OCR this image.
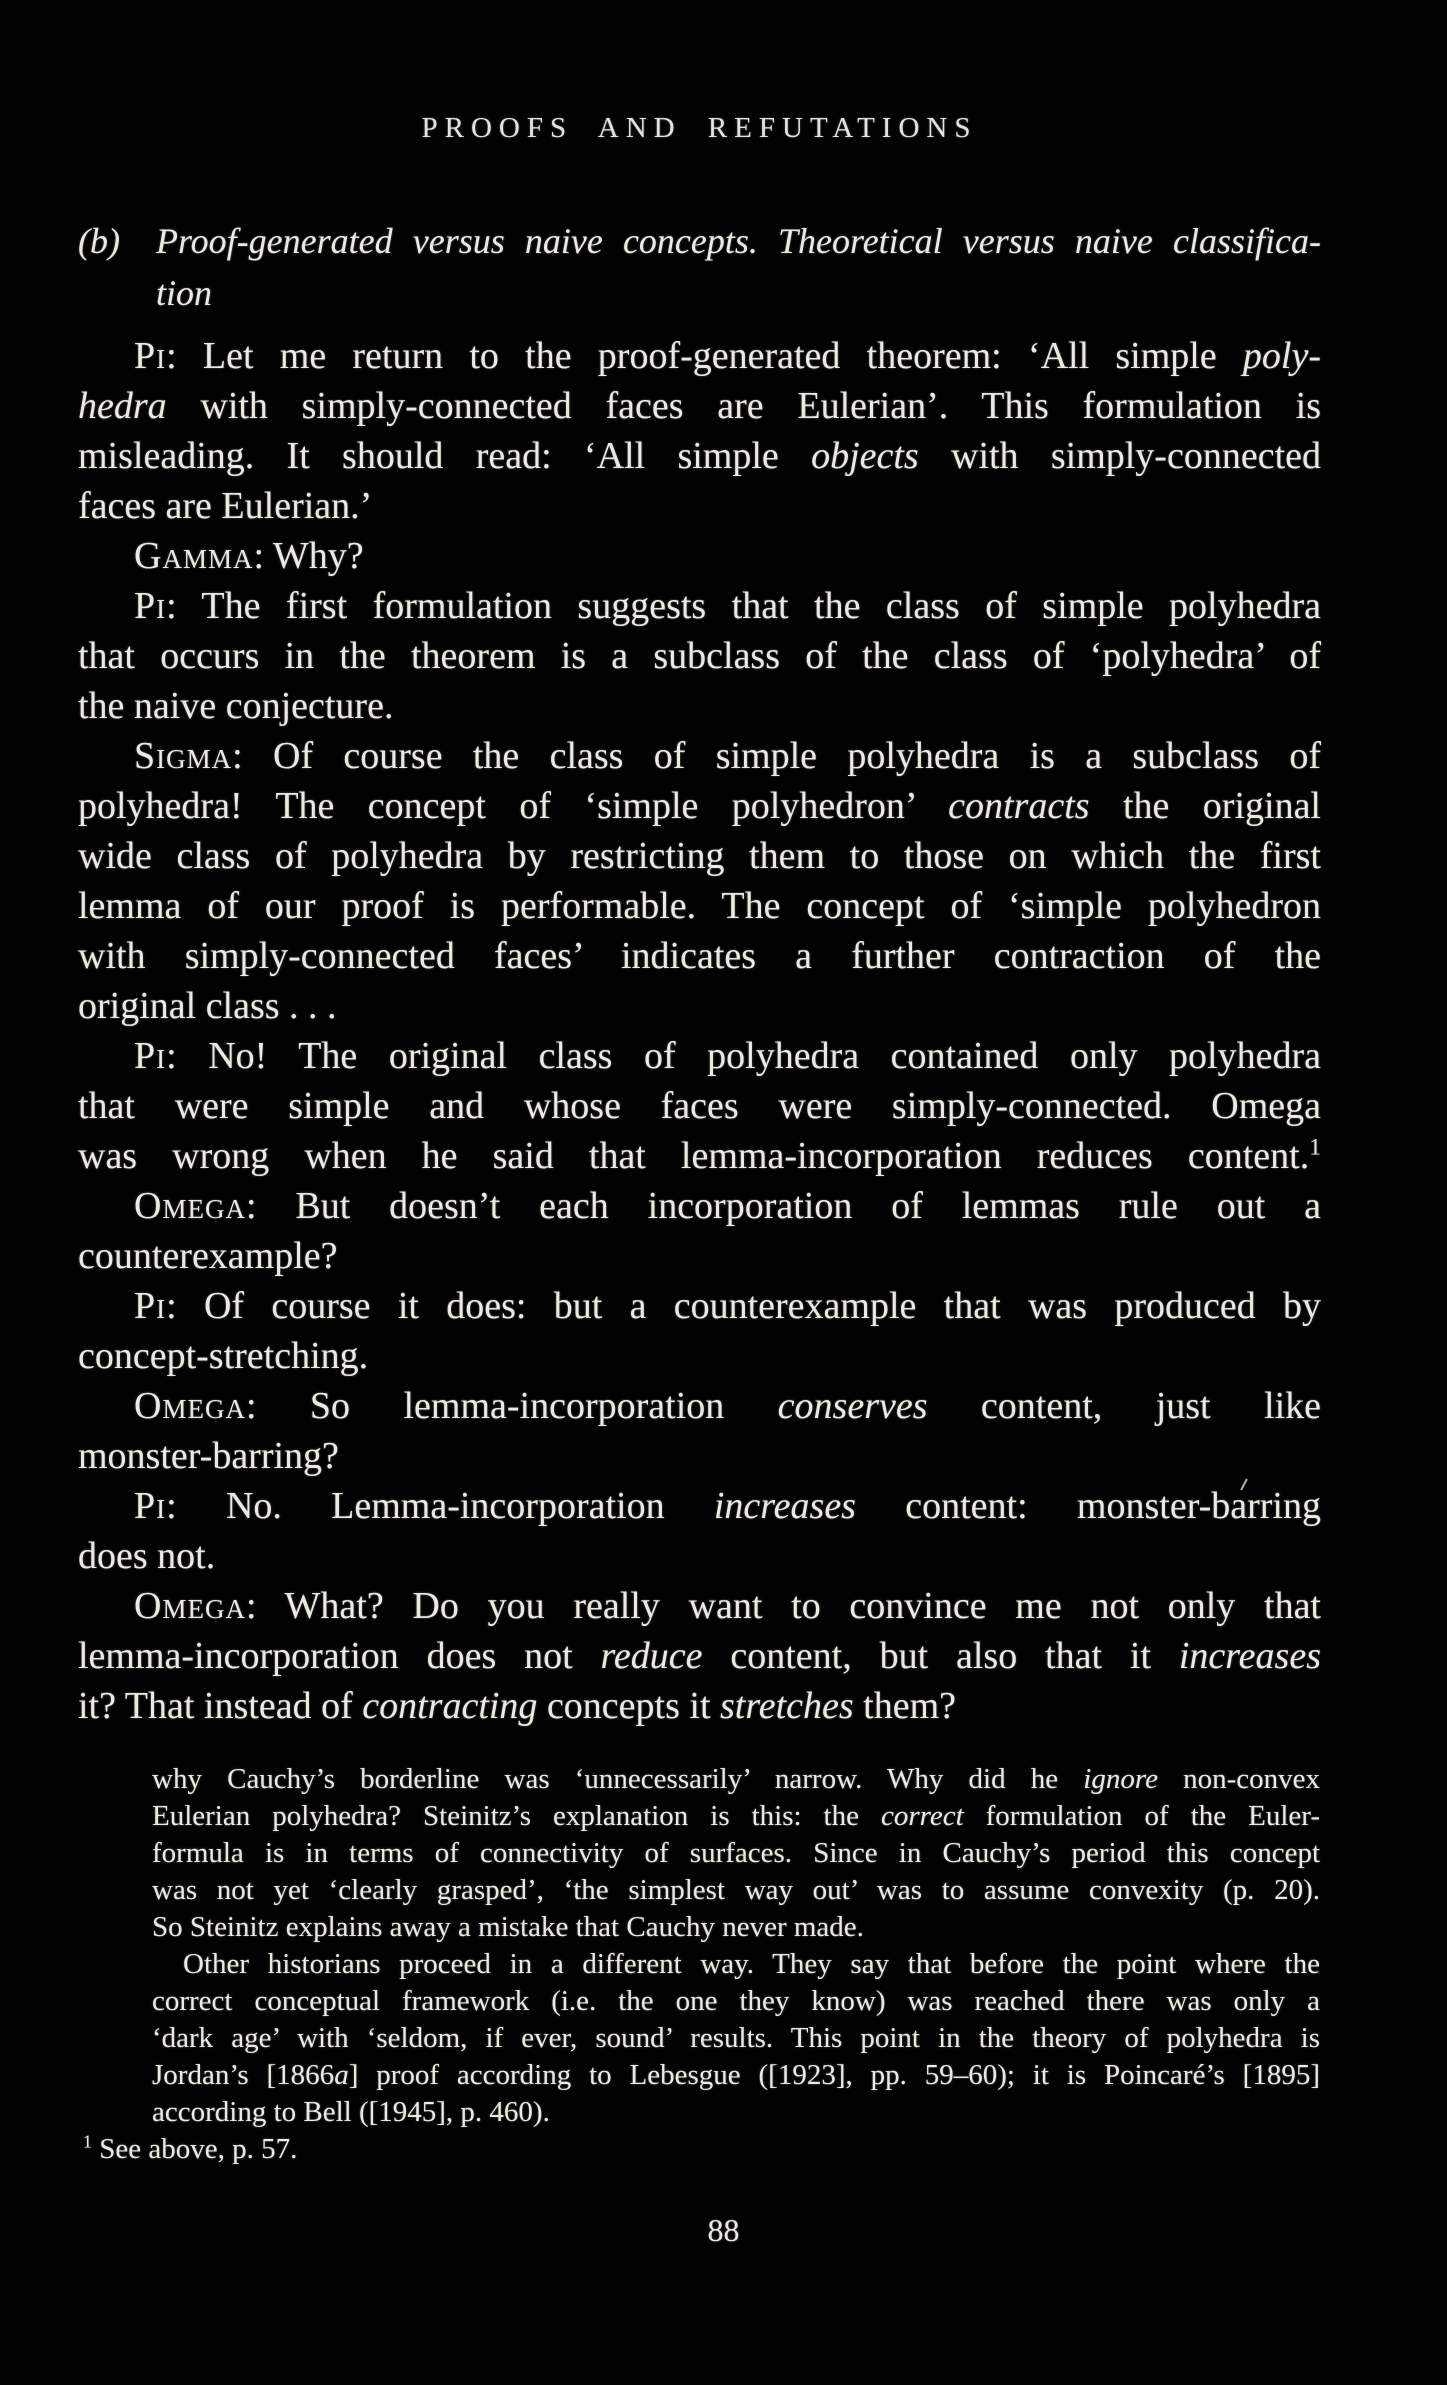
PROOFS AND REFUTATIONS
(b) Proof-generated versus naive concepts. Theoretical versus naive classifica-
tion
Pi: Let me return to the proof-generated theorem: ‘All simple poly-
hedra with simply-connected faces are Eulerian’. This formulation is
misleading. It should read: ‘All simple objects with simply-connected
faces are Eulerian.’
Gamma: Why?
Pi: The first formulation suggests that the class of simple polyhedra
that occurs in the theorem is a subclass of the class of ‘polyhedra’ of
the naive conjecture.
Sigma: Of course the class of simple polyhedra is a subclass of
polyhedra! The concept of ‘simple polyhedron’ contracts the original
wide class of polyhedra by restricting them to those on which the first
lemma of our proof is performable. The concept of ‘simple polyhedron
with simply-connected faces’ indicates a further contraction of the
original class . . .
Pi: No! The original class of polyhedra contained only polyhedra
that were simple and whose faces were simply-connected. Omega
was wrong when he said that lemma-incorporation reduces content.$^1$
Omega: But doesn’t each incorporation of lemmas rule out a
counterexample?
Pi: Of course it does: but a counterexample that was produced by
concept-stretching.
Omega: So lemma-incorporation conserves content, just like
monster-barring?
Pi: No. Lemma-incorporation increases content: monster-barring
does not.
Omega: What? Do you really want to convince me not only that
lemma-incorporation does not reduce content, but also that it increases
it? That instead of contracting concepts it stretches them?
why Cauchy’s borderline was ‘unnecessarily’ narrow. Why did he ignore non-convex
Eulerian polyhedra? Steinitz’s explanation is this: the correct formulation of the Euler-
formula is in terms of connectivity of surfaces. Since in Cauchy’s period this concept
was not yet ‘clearly grasped’, ‘the simplest way out’ was to assume convexity (p. 20).
So Steinitz explains away a mistake that Cauchy never made.
Other historians proceed in a different way. They say that before the point where the
correct conceptual framework (i.e. the one they know) was reached there was only a
‘dark age’ with ‘seldom, if ever, sound’ results. This point in the theory of polyhedra is
Jordan’s [1866a] proof according to Lebesgue ([1923], pp. 59–60); it is Poincaré’s [1895]
according to Bell ([1945], p. 460).
$^1$ See above, p. 57.
88
